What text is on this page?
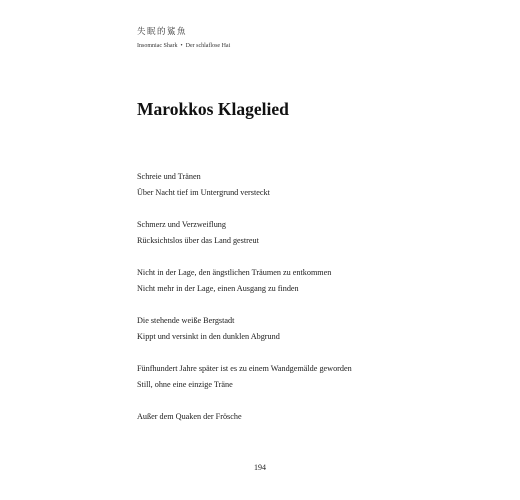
失眠的鯊魚
Insomniac Shark • Der schlaflose Hai
Marokkos Klagelied
Schreie und Tränen
Über Nacht tief im Untergrund versteckt
Schmerz und Verzweiflung
Rücksichtslos über das Land gestreut
Nicht in der Lage, den ängstlichen Träumen zu entkommen
Nicht mehr in der Lage, einen Ausgang zu finden
Die stehende weiße Bergstadt
Kippt und versinkt in den dunklen Abgrund
Fünfhundert Jahre später ist es zu einem Wandgemälde geworden
Still, ohne eine einzige Träne
Außer dem Quaken der Frösche
194
